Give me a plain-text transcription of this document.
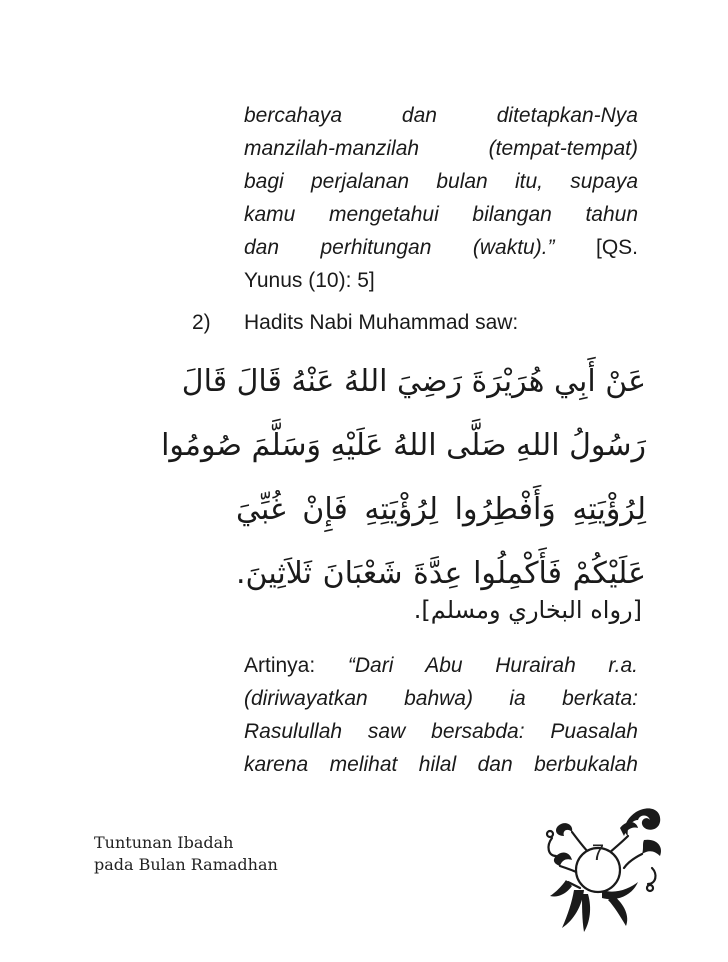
bercahaya dan ditetapkan-Nya
manzilah-manzilah (tempat-tempat)
bagi perjalanan bulan itu, supaya
kamu mengetahui bilangan tahun
dan perhitungan (waktu).” [QS.
Yunus (10): 5]
2) Hadits Nabi Muhammad saw:
عَنْ أَبِي هُرَيْرَةَ رَضِيَ اللهُ عَنْهُ قَالَ قَالَ
رَسُولُ اللهِ صَلَّى اللهُ عَلَيْهِ وَسَلَّمَ صُومُوا
لِرُؤْيَتِهِ وَأَفْطِرُوا لِرُؤْيَتِهِ فَإِنْ غُبِّيَ
عَلَيْكُمْ فَأَكْمِلُوا عِدَّةَ شَعْبَانَ ثَلاَثِينَ.
[رواه البخاري ومسلم].
Artinya: “Dari Abu Hurairah r.a.
(diriwayatkan bahwa) ia berkata:
Rasulullah saw bersabda: Puasalah
karena melihat hilal dan berbukalah
Tuntunan Ibadah
pada Bulan Ramadhan	7
